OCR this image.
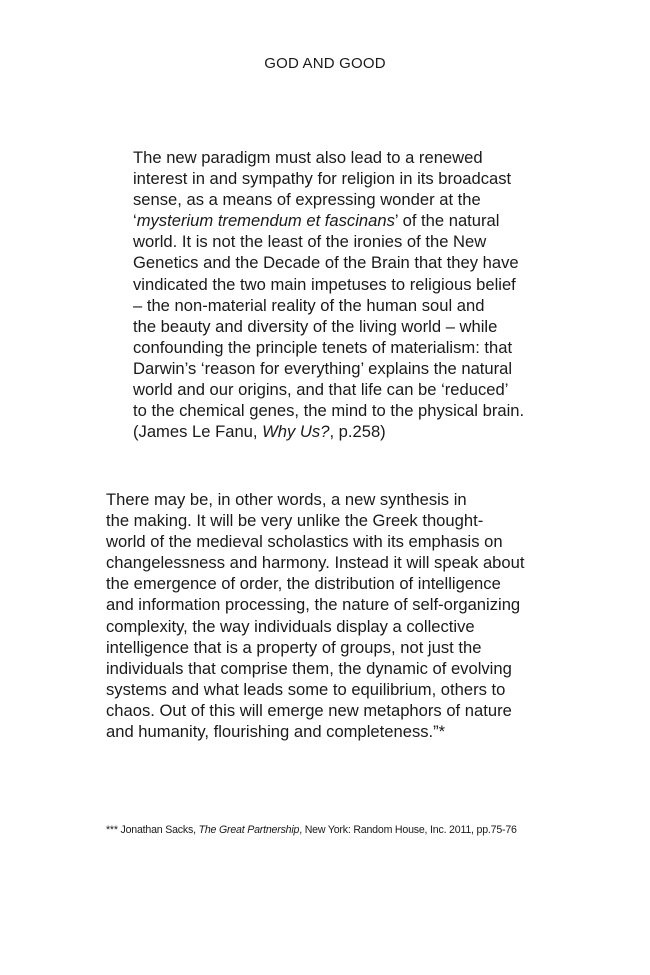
GOD AND GOOD
The new paradigm must also lead to a renewed
interest in and sympathy for religion in its broadcast
sense, as a means of expressing wonder at the
‘mysterium tremendum et fascinans’ of the natural
world. It is not the least of the ironies of the New
Genetics and the Decade of the Brain that they have
vindicated the two main impetuses to religious belief
– the non-material reality of the human soul and
the beauty and diversity of the living world – while
confounding the principle tenets of materialism: that
Darwin’s ‘reason for everything’ explains the natural
world and our origins, and that life can be ‘reduced’
to the chemical genes, the mind to the physical brain.
(James Le Fanu, Why Us?, p.258)
There may be, in other words, a new synthesis in
the making. It will be very unlike the Greek thought-
world of the medieval scholastics with its emphasis on
changelessness and harmony. Instead it will speak about
the emergence of order, the distribution of intelligence
and information processing, the nature of self-organizing
complexity, the way individuals display a collective
intelligence that is a property of groups, not just the
individuals that comprise them, the dynamic of evolving
systems and what leads some to equilibrium, others to
chaos. Out of this will emerge new metaphors of nature
and humanity, flourishing and completeness.”*
*** Jonathan Sacks, The Great Partnership, New York: Random House, Inc. 2011, pp.75-76
